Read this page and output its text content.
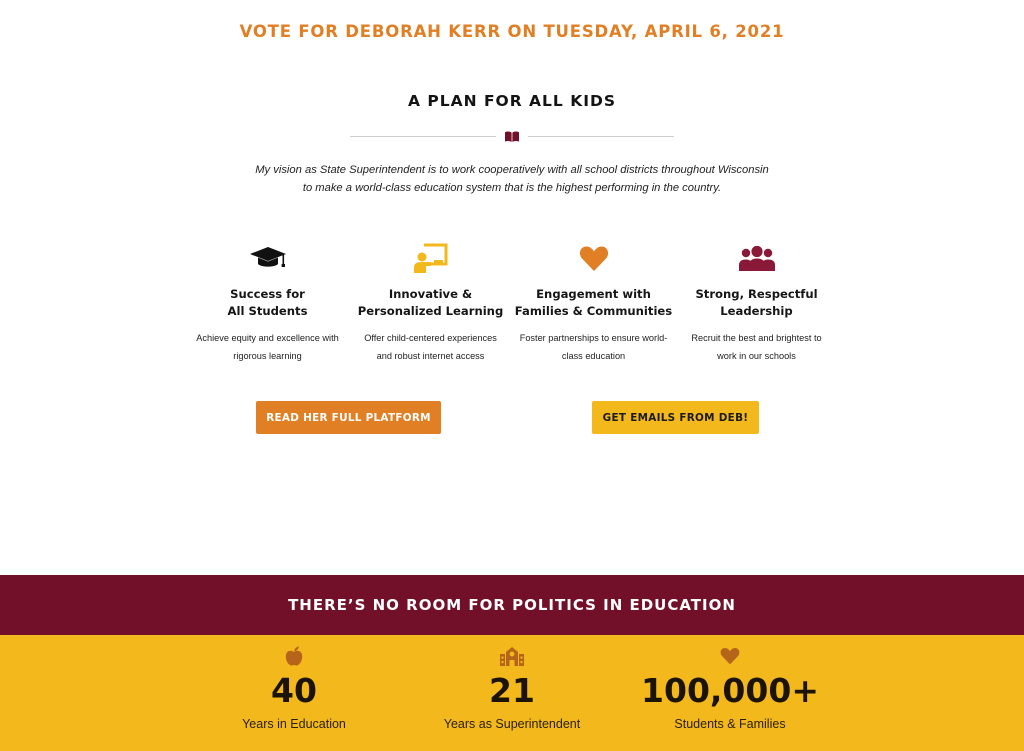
VOTE FOR DEBORAH KERR ON TUESDAY, APRIL 6, 2021
A PLAN FOR ALL KIDS

My vision as State Superintendent is to work cooperatively with all school districts throughout Wisconsin
to make a world-class education system that is the highest performing in the country.

Success for
All Students
Achieve equity and excellence with
rigorous learning
Innovative &
Personalized Learning
Offer child-centered experiences
and robust internet access
Engagement with
Families & Communities
Foster partnerships to ensure world-
class education
Strong, Respectful
Leadership
Recruit the best and brightest to
work in our schools
READ HER FULL PLATFORM	GET EMAILS FROM DEB!
THERE’S NO ROOM FOR POLITICS IN EDUCATION
40
Years in Education
21
Years as Superintendent
100,000+
Students & Families
